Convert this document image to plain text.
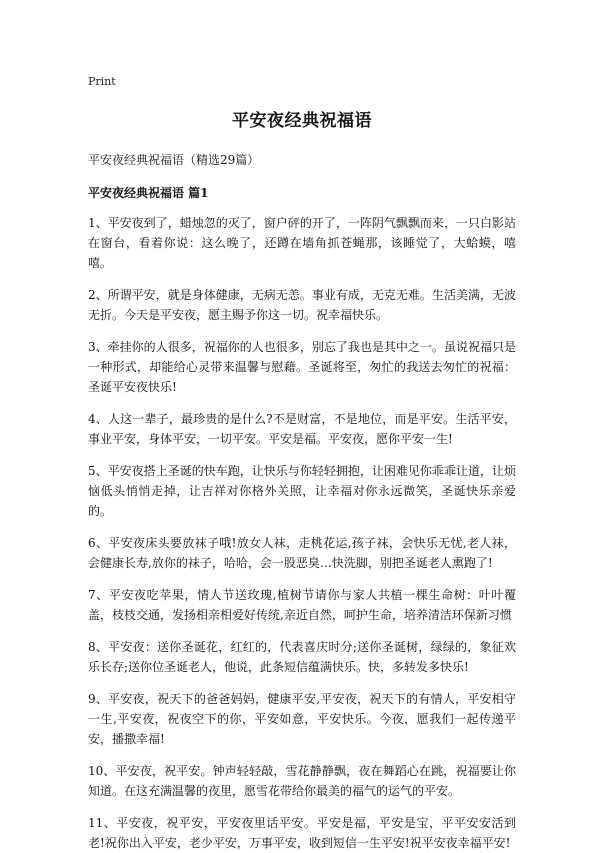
Print
平安夜经典祝福语
平安夜经典祝福语（精选29篇）
平安夜经典祝福语 篇1

1、平安夜到了，蜡烛忽的灭了，窗户砰的开了，一阵阴气飘飘而来，一只白影站在窗台，看着你说：这么晚了，还蹲在墙角抓苍蝇那，该睡觉了，大蛤蟆，嘻嘻。

2、所谓平安，就是身体健康，无病无恙。事业有成，无克无难。生活美满，无波无折。今天是平安夜，愿主赐予你这一切。祝幸福快乐。

3、牵挂你的人很多，祝福你的人也很多，别忘了我也是其中之一。虽说祝福只是一种形式，却能给心灵带来温馨与慰藉。圣诞将至，匆忙的我送去匆忙的祝福：圣诞平安夜快乐!

4、人这一辈子，最珍贵的是什么?不是财富，不是地位，而是平安。生活平安，事业平安，身体平安，一切平安。平安是福。平安夜，愿你平安一生!

5、平安夜搭上圣诞的快车跑，让快乐与你轻轻拥抱，让困难见你乖乖让道，让烦恼低头悄悄走掉，让吉祥对你格外关照，让幸福对你永远微笑，圣诞快乐亲爱的。

6、平安夜床头要放袜子哦!放女人袜，走桃花运,孩子袜，会快乐无忧,老人袜，会健康长寿,放你的袜子，哈哈，会一股恶臭…快洗脚，别把圣诞老人熏跑了!

7、平安夜吃苹果，情人节送玫瑰,植树节请你与家人共植一棵生命树：叶叶覆盖，枝枝交通，发扬相亲相爱好传统,亲近自然，呵护生命，培养清洁环保新习惯

8、平安夜：送你圣诞花，红红的，代表喜庆时分;送你圣诞树，绿绿的，象征欢乐长存;送你位圣诞老人，他说，此条短信蕴满快乐。快，多转发多快乐!

9、平安夜，祝天下的爸爸妈妈，健康平安,平安夜，祝天下的有情人，平安相守一生,平安夜，祝夜空下的你，平安如意，平安快乐。今夜，愿我们一起传递平安，播撒幸福!

10、平安夜，祝平安。钟声轻轻敲，雪花静静飘，夜在舞蹈心在跳，祝福要让你知道。在这充满温馨的夜里，愿雪花带给你最美的福气的运气的平安。

11、平安夜，祝平安，平安夜里话平安。平安是福，平安是宝，平平安安活到老!祝你出入平安，老少平安，万事平安，收到短信一生平安!祝平安夜幸福平安!
